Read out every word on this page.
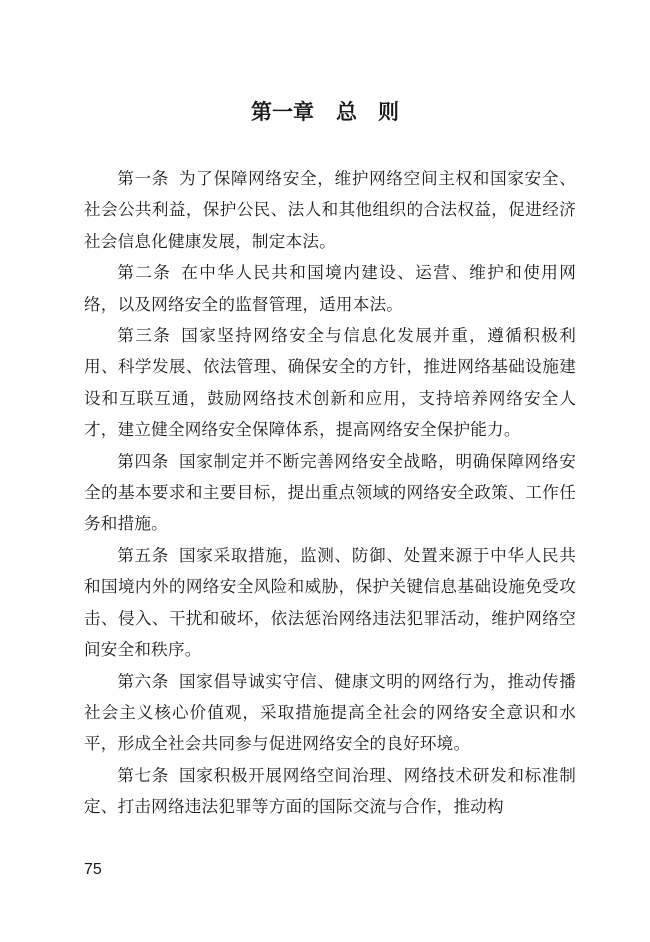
第一章 总　则

第一条 为了保障网络安全，维护网络空间主权和国家安全、社会公共利益，保护公民、法人和其他组织的合法权益，促进经济社会信息化健康发展，制定本法。

第二条 在中华人民共和国境内建设、运营、维护和使用网络，以及网络安全的监督管理，适用本法。

第三条 国家坚持网络安全与信息化发展并重，遵循积极利用、科学发展、依法管理、确保安全的方针，推进网络基础设施建设和互联互通，鼓励网络技术创新和应用，支持培养网络安全人才，建立健全网络安全保障体系，提高网络安全保护能力。

第四条 国家制定并不断完善网络安全战略，明确保障网络安全的基本要求和主要目标，提出重点领域的网络安全政策、工作任务和措施。

第五条 国家采取措施，监测、防御、处置来源于中华人民共和国境内外的网络安全风险和威胁，保护关键信息基础设施免受攻击、侵入、干扰和破坏，依法惩治网络违法犯罪活动，维护网络空间安全和秩序。

第六条 国家倡导诚实守信、健康文明的网络行为，推动传播社会主义核心价值观，采取措施提高全社会的网络安全意识和水平，形成全社会共同参与促进网络安全的良好环境。

第七条 国家积极开展网络空间治理、网络技术研发和标准制定、打击网络违法犯罪等方面的国际交流与合作，推动构

75
